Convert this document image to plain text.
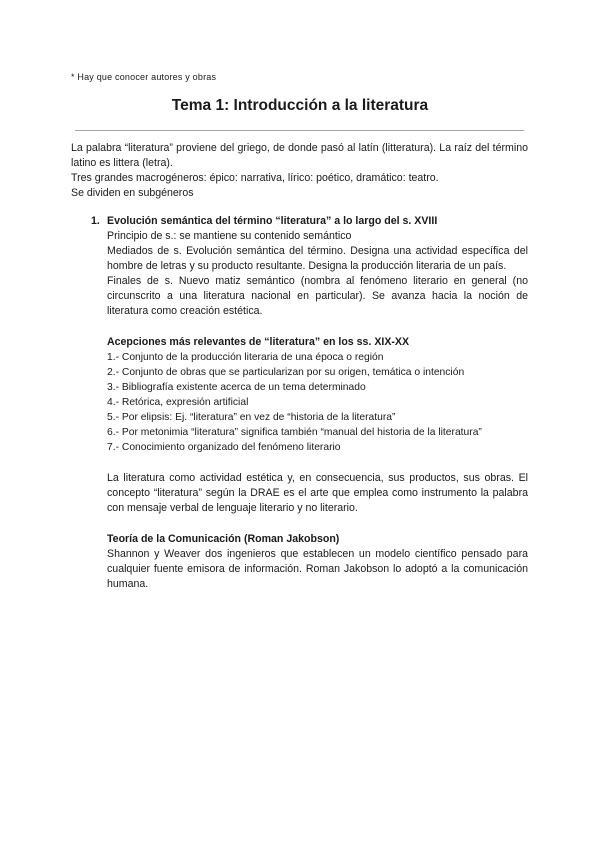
* Hay que conocer autores y obras
Tema 1: Introducción a la literatura

La palabra “literatura” proviene del griego, de donde pasó al latín (litteratura). La raíz del término latino es littera (letra).

Tres grandes macrogéneros: épico: narrativa, lírico: poético, dramático: teatro.

Se dividen en subgéneros

1. Evolución semántica del término “literatura” a lo largo del s. XVIII

Principio de s.: se mantiene su contenido semántico

Mediados de s. Evolución semántica del término. Designa una actividad específica del hombre de letras y su producto resultante. Designa la producción literaria de un país.

Finales de s. Nuevo matiz semántico (nombra al fenómeno literario en general (no circunscrito a una literatura nacional en particular). Se avanza hacia la noción de literatura como creación estética.

Acepciones más relevantes de “literatura” en los ss. XIX-XX

1.- Conjunto de la producción literaria de una época o región
2.- Conjunto de obras que se particularizan por su origen, temática o intención
3.- Bibliografía existente acerca de un tema determinado
4.- Retórica, expresión artificial
5.- Por elipsis: Ej. “literatura” en vez de “historia de la literatura”
6.- Por metonimia “literatura” significa también “manual del historia de la literatura”
7.- Conocimiento organizado del fenómeno literario

La literatura como actividad estética y, en consecuencia, sus productos, sus obras. El concepto “literatura” según la DRAE es el arte que emplea como instrumento la palabra con mensaje verbal de lenguaje literario y no literario.

Teoría de la Comunicación (Roman Jakobson)

Shannon y Weaver dos ingenieros que establecen un modelo científico pensado para cualquier fuente emisora de información. Roman Jakobson lo adoptó a la comunicación humana.
